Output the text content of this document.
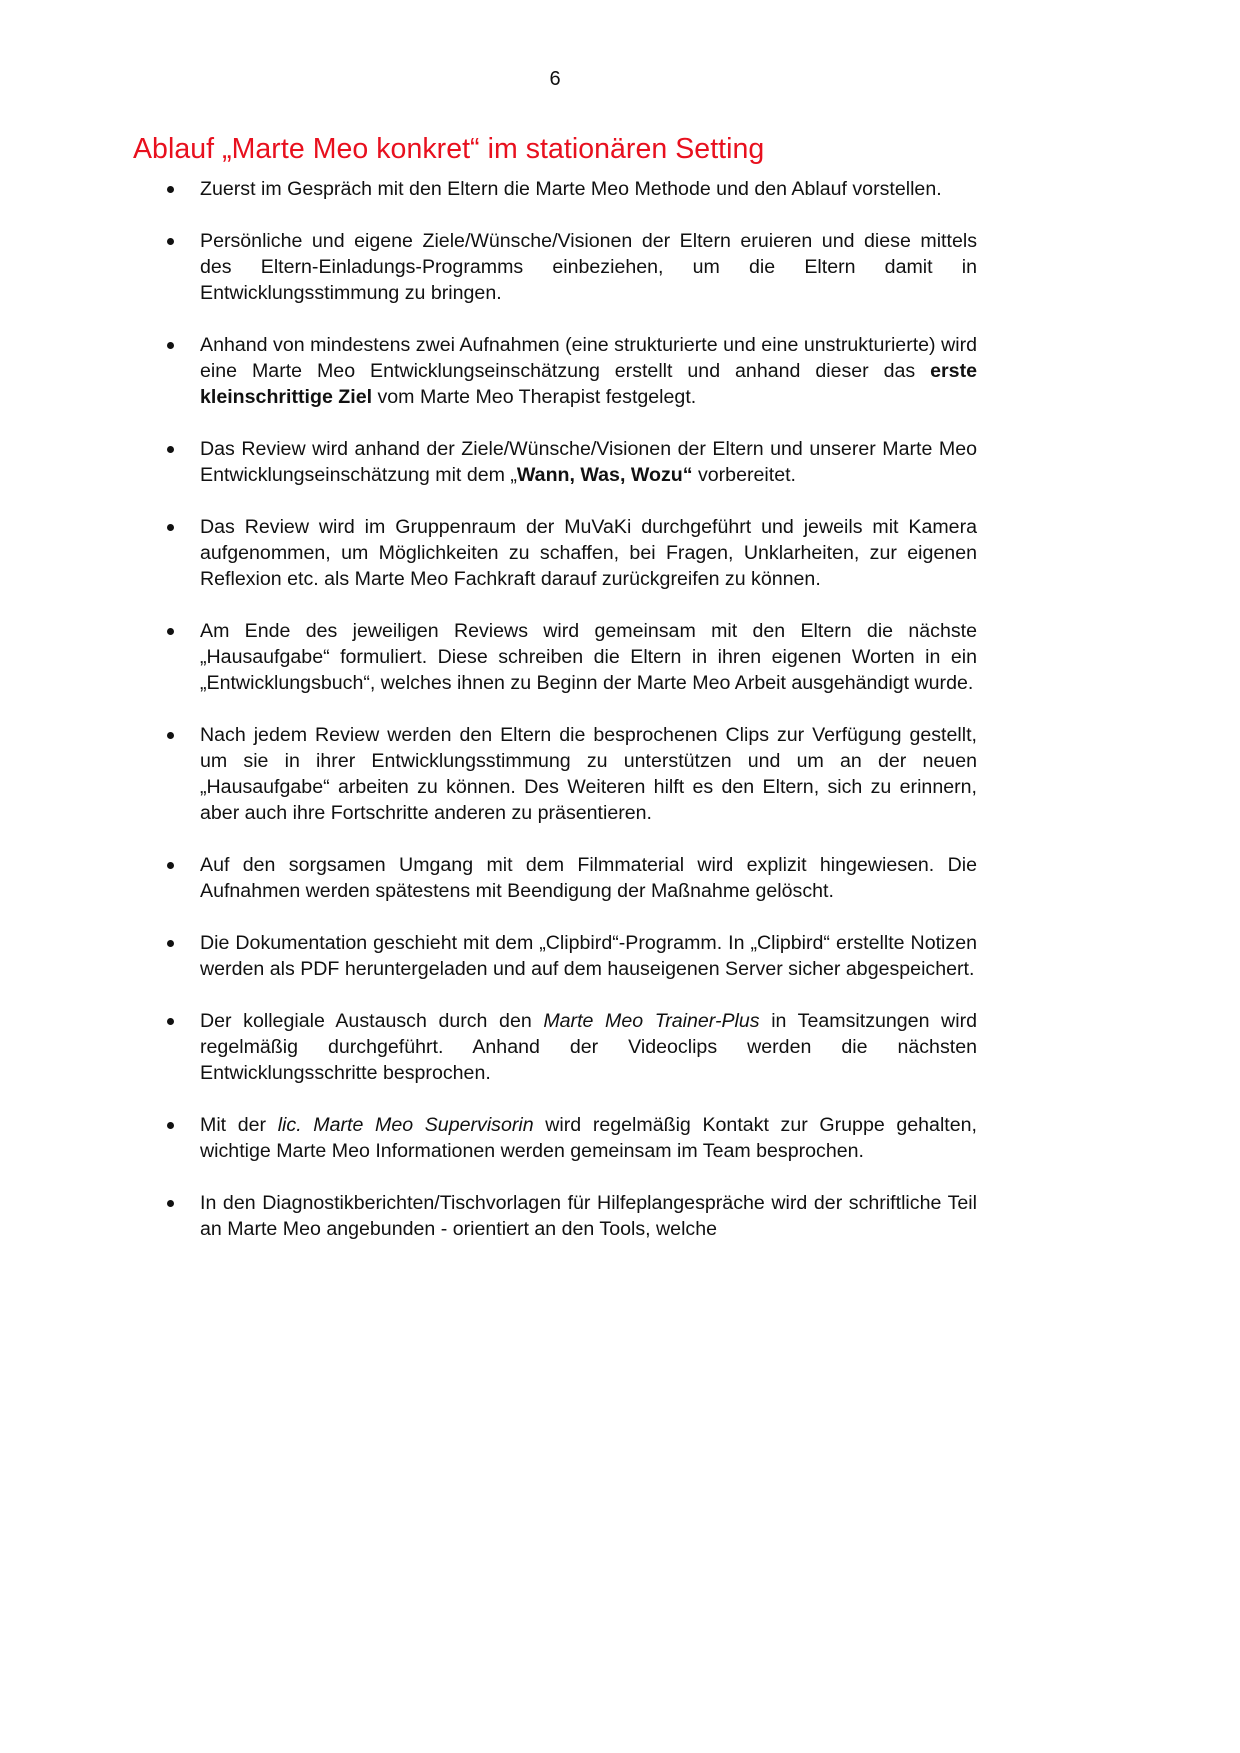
6
Ablauf „Marte Meo konkret“ im stationären Setting
Zuerst im Gespräch mit den Eltern die Marte Meo Methode und den Ablauf vorstellen.
Persönliche und eigene Ziele/Wünsche/Visionen der Eltern eruieren und diese mittels des Eltern-Einladungs-Programms einbeziehen, um die Eltern damit in Entwicklungsstimmung zu bringen.
Anhand von mindestens zwei Aufnahmen (eine strukturierte und eine unstrukturierte) wird eine Marte Meo Entwicklungseinschätzung erstellt und anhand dieser das erste kleinschrittige Ziel vom Marte Meo Therapist festgelegt.
Das Review wird anhand der Ziele/Wünsche/Visionen der Eltern und unserer Marte Meo Entwicklungseinschätzung mit dem „Wann, Was, Wozu“ vorbereitet.
Das Review wird im Gruppenraum der MuVaKi durchgeführt und jeweils mit Kamera aufgenommen, um Möglichkeiten zu schaffen, bei Fragen, Unklarheiten, zur eigenen Reflexion etc. als Marte Meo Fachkraft darauf zurückgreifen zu können.
Am Ende des jeweiligen Reviews wird gemeinsam mit den Eltern die nächste „Hausaufgabe“ formuliert. Diese schreiben die Eltern in ihren eigenen Worten in ein „Entwicklungsbuch“, welches ihnen zu Beginn der Marte Meo Arbeit ausgehändigt wurde.
Nach jedem Review werden den Eltern die besprochenen Clips zur Verfügung gestellt, um sie in ihrer Entwicklungsstimmung zu unterstützen und um an der neuen „Hausaufgabe“ arbeiten zu können. Des Weiteren hilft es den Eltern, sich zu erinnern, aber auch ihre Fortschritte anderen zu präsentieren.
Auf den sorgsamen Umgang mit dem Filmmaterial wird explizit hingewiesen. Die Aufnahmen werden spätestens mit Beendigung der Maßnahme gelöscht.
Die Dokumentation geschieht mit dem „Clipbird“-Programm. In „Clipbird“ erstellte Notizen werden als PDF heruntergeladen und auf dem hauseigenen Server sicher abgespeichert.
Der kollegiale Austausch durch den Marte Meo Trainer-Plus in Teamsitzungen wird regelmäßig durchgeführt. Anhand der Videoclips werden die nächsten Entwicklungsschritte besprochen.
Mit der lic. Marte Meo Supervisorin wird regelmäßig Kontakt zur Gruppe gehalten, wichtige Marte Meo Informationen werden gemeinsam im Team besprochen.
In den Diagnostikberichten/Tischvorlagen für Hilfeplangespräche wird der schriftliche Teil an Marte Meo angebunden - orientiert an den Tools, welche
